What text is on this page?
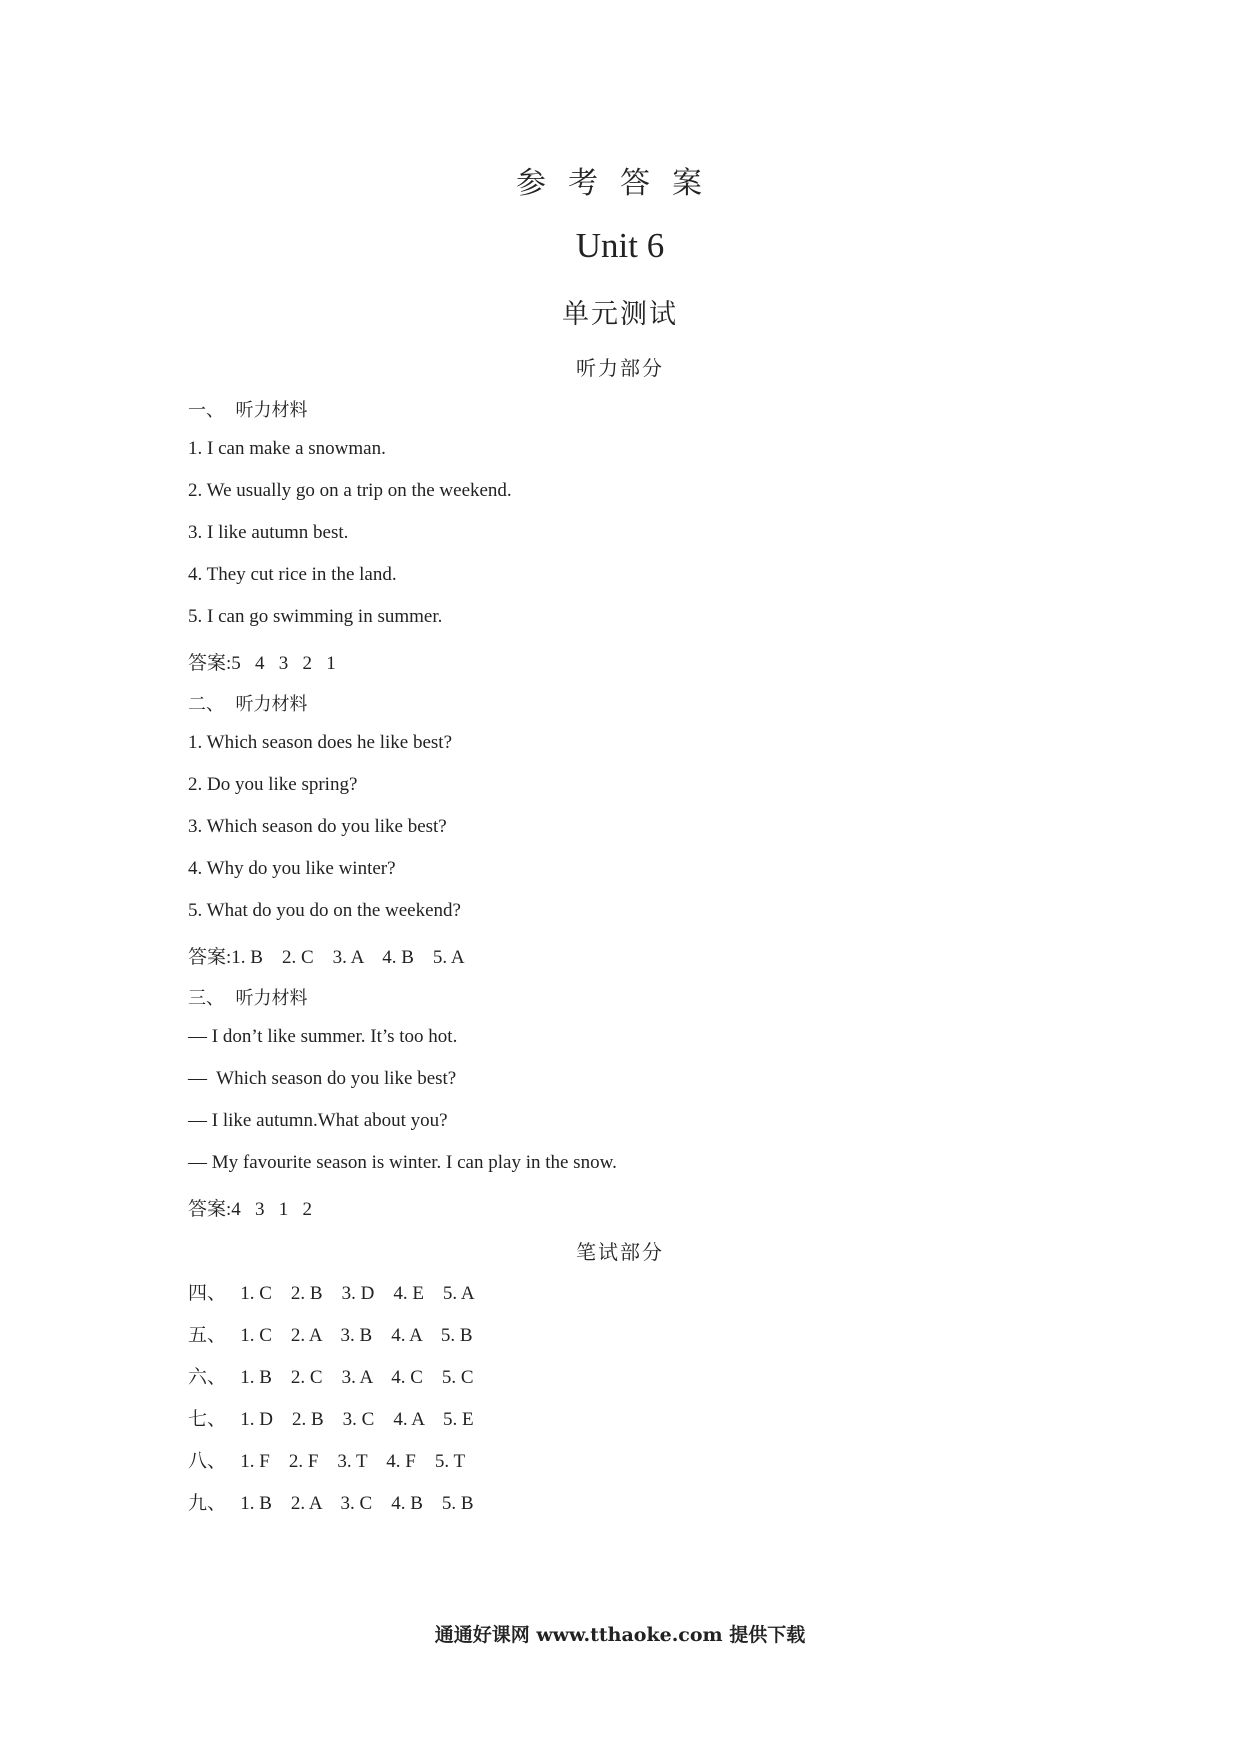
参考答案
Unit 6
单元测试
听力部分
一、  听力材料
1. I can make a snowman.
2. We usually go on a trip on the weekend.
3. I like autumn best.
4. They cut rice in the land.
5. I can go swimming in summer.
答案:5   4   3   2   1
二、  听力材料
1. Which season does he like best?
2. Do you like spring?
3. Which season do you like best?
4. Why do you like winter?
5. What do you do on the weekend?
答案:1. B    2. C    3. A    4. B    5. A
三、  听力材料
— I don’t like summer. It’s too hot.
—  Which season do you like best?
— I like autumn.What about you?
— My favourite season is winter. I can play in the snow.
答案:4   3   1   2
笔试部分
四、   1. C    2. B    3. D    4. E    5. A
五、   1. C    2. A    3. B    4. A    5. B
六、   1. B    2. C    3. A    4. C    5. C
七、   1. D    2. B    3. C    4. A    5. E
八、   1. F    2. F    3. T    4. F    5. T
九、   1. B    2. A    3. C    4. B    5. B
通通好课网 www.tthaoke.com 提供下载
